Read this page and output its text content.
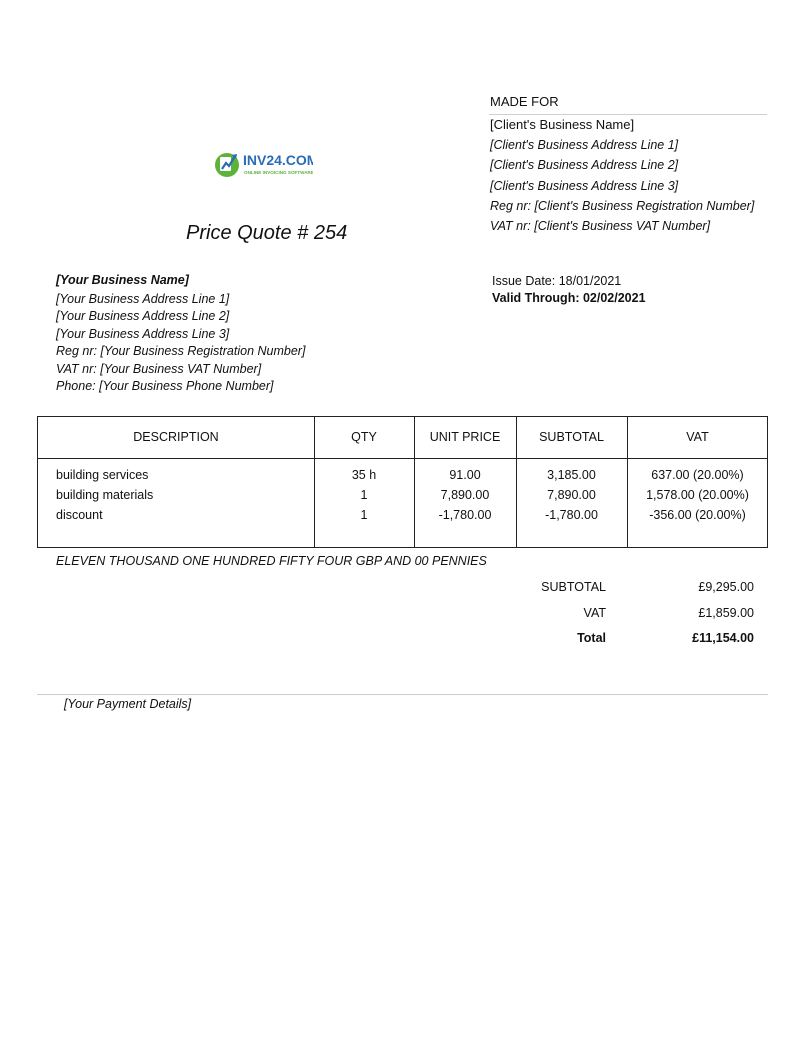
MADE FOR
[Client's Business Name]
[Client's Business Address Line 1]
[Client's Business Address Line 2]
[Client's Business Address Line 3]
Reg nr: [Client's Business Registration Number]
VAT nr: [Client's Business VAT Number]
INV24.COM
ONLINE INVOICING SOFTWARE
Price Quote # 254
[Your Business Name]
[Your Business Address Line 1]
[Your Business Address Line 2]
[Your Business Address Line 3]
Reg nr: [Your Business Registration Number]
VAT nr: [Your Business VAT Number]
Phone: [Your Business Phone Number]
Issue Date: 18/01/2021
Valid Through: 02/02/2021
DESCRIPTION	QTY	UNIT PRICE	SUBTOTAL	VAT
building services	35 h	91.00	3,185.00	637.00 (20.00%)
building materials	1	7,890.00	7,890.00	1,578.00 (20.00%)
discount	1	-1,780.00	-1,780.00	-356.00 (20.00%)
ELEVEN THOUSAND ONE HUNDRED FIFTY FOUR GBP AND 00 PENNIES
SUBTOTAL	£9,295.00
VAT	£1,859.00
Total	£11,154.00
[Your Payment Details]
